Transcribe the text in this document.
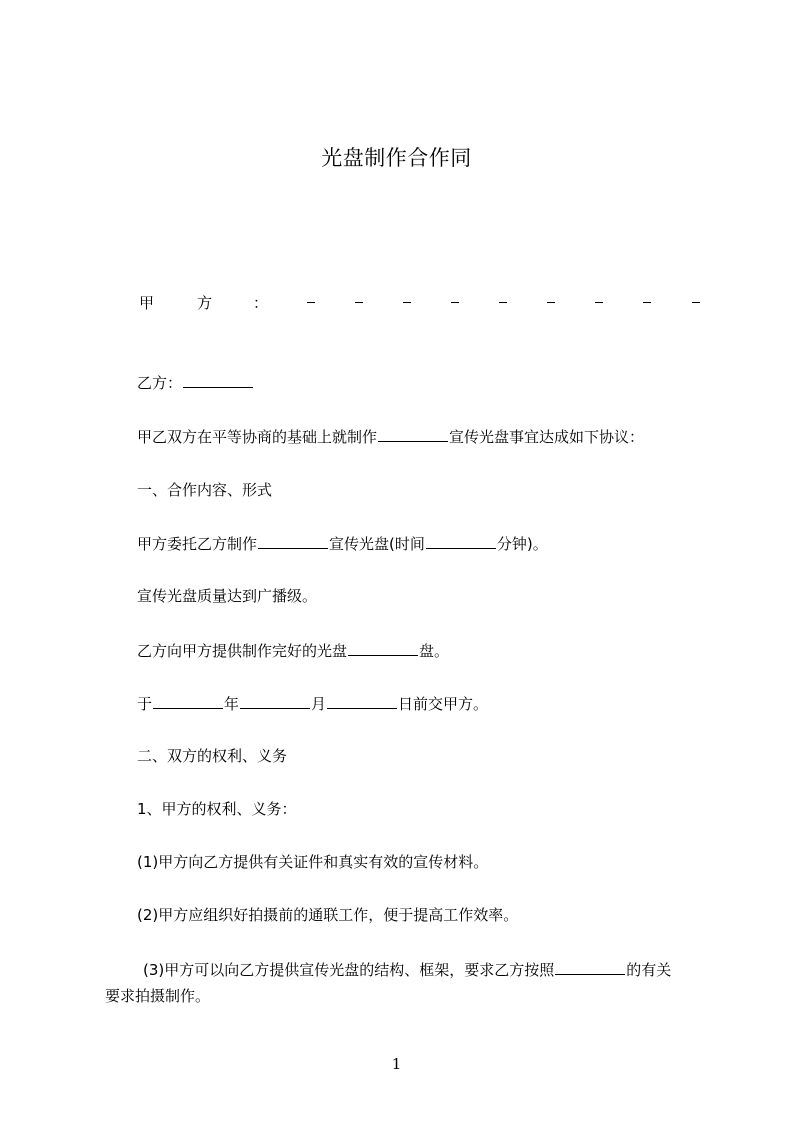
光盘制作合作同
甲	方	：
乙方：
甲乙双方在平等协商的基础上就制作	宣传光盘事宜达成如下协议：
一、合作内容、形式
甲方委托乙方制作	宣传光盘(时间	分钟)。
宣传光盘质量达到广播级。
乙方向甲方提供制作完好的光盘	盘。
于	年	月	日前交甲方。
二、双方的权利、义务
1、甲方的权利、义务：
(1)甲方向乙方提供有关证件和真实有效的宣传材料。
(2)甲方应组织好拍摄前的通联工作，便于提高工作效率。
(3)甲方可以向乙方提供宣传光盘的结构、框架，要求乙方按照	的有关
要求拍摄制作。
1
